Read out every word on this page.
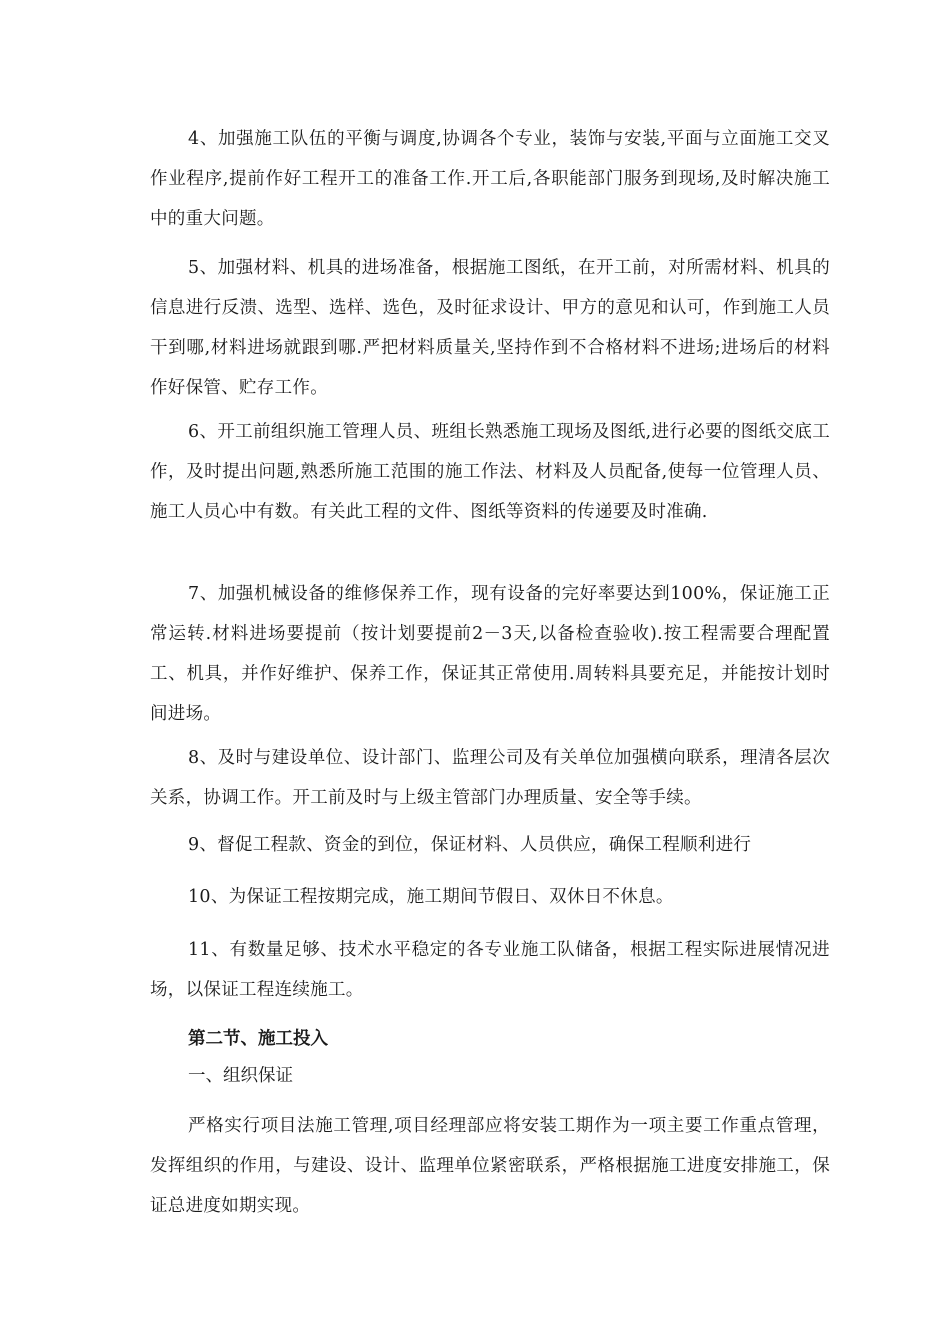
4、加强施工队伍的平衡与调度,协调各个专业，装饰与安装,平面与立面施工交叉作业程序,提前作好工程开工的准备工作.开工后,各职能部门服务到现场,及时解决施工中的重大问题。

5、加强材料、机具的进场准备，根据施工图纸，在开工前，对所需材料、机具的信息进行反溃、选型、选样、选色，及时征求设计、甲方的意见和认可，作到施工人员干到哪,材料进场就跟到哪.严把材料质量关,坚持作到不合格材料不进场;进场后的材料作好保管、贮存工作。

6、开工前组织施工管理人员、班组长熟悉施工现场及图纸,进行必要的图纸交底工作，及时提出问题,熟悉所施工范围的施工作法、材料及人员配备,使每一位管理人员、施工人员心中有数。有关此工程的文件、图纸等资料的传递要及时准确.

7、加强机械设备的维修保养工作，现有设备的完好率要达到100%，保证施工正常运转.材料进场要提前（按计划要提前2－3天,以备检查验收).按工程需要合理配置工、机具，并作好维护、保养工作，保证其正常使用.周转料具要充足，并能按计划时间进场。

8、及时与建设单位、设计部门、监理公司及有关单位加强横向联系，理清各层次关系，协调工作。开工前及时与上级主管部门办理质量、安全等手续。

9、督促工程款、资金的到位，保证材料、人员供应，确保工程顺利进行

10、为保证工程按期完成，施工期间节假日、双休日不休息。

11、有数量足够、技术水平稳定的各专业施工队储备，根据工程实际进展情况进场，以保证工程连续施工。

第二节、施工投入

一、组织保证

严格实行项目法施工管理,项目经理部应将安装工期作为一项主要工作重点管理，发挥组织的作用，与建设、设计、监理单位紧密联系，严格根据施工进度安排施工，保证总进度如期实现。
